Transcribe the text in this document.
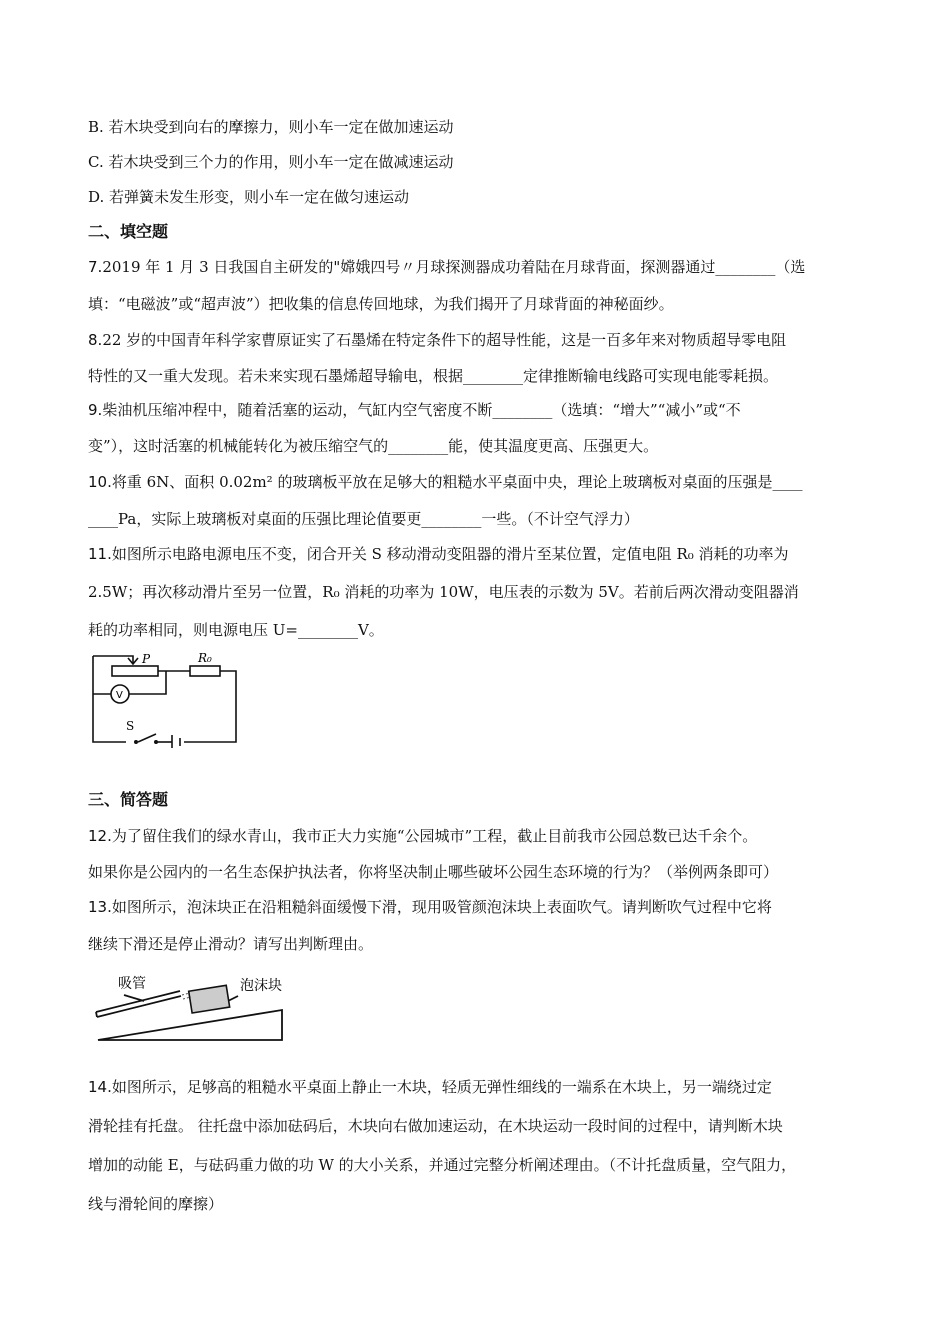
B. 若木块受到向右的摩擦力，则小车一定在做加速运动
C. 若木块受到三个力的作用，则小车一定在做减速运动
D. 若弹簧未发生形变，则小车一定在做匀速运动
二、填空题
7.2019 年 1 月 3 日我国自主研发的"嫦娥四号〃月球探测器成功着陆在月球背面，探测器通过________（选
填：“电磁波”或“超声波”）把收集的信息传回地球，为我们揭开了月球背面的神秘面纱。
8.22 岁的中国青年科学家曹原证实了石墨烯在特定条件下的超导性能，这是一百多年来对物质超导零电阻
特性的又一重大发现。若未来实现石墨烯超导输电，根据________定律推断输电线路可实现电能零耗损。
9.柴油机压缩冲程中，随着活塞的运动，气缸内空气密度不断________（选填：“增大”“减小”或“不
变”），这时活塞的机械能转化为被压缩空气的________能，使其温度更高、压强更大。
10.将重 6N、面积 0.02m² 的玻璃板平放在足够大的粗糙水平桌面中央，理论上玻璃板对桌面的压强是____
____Pa，实际上玻璃板对桌面的压强比理论值要更________一些。（不计空气浮力）
11.如图所示电路电源电压不变，闭合开关 S 移动滑动变阻器的滑片至某位置，定值电阻 R₀ 消耗的功率为
2.5W；再次移动滑片至另一位置，R₀ 消耗的功率为 10W，电压表的示数为 5V。若前后两次滑动变阻器消
耗的功率相同，则电源电压 U=________V。
P	R₀
V
S
三、简答题
12.为了留住我们的绿水青山，我市正大力实施“公园城市”工程，截止目前我市公园总数已达千余个。
如果你是公园内的一名生态保护执法者，你将坚决制止哪些破坏公园生态环境的行为？（举例两条即可）
13.如图所示，泡沫块正在沿粗糙斜面缓慢下滑，现用吸管颜泡沫块上表面吹气。请判断吹气过程中它将
继续下滑还是停止滑动？请写出判断理由。
吸管	泡沫块
14.如图所示，足够高的粗糙水平桌面上静止一木块，轻质无弹性细线的一端系在木块上，另一端绕过定
滑轮挂有托盘。 往托盘中添加砝码后，木块向右做加速运动，在木块运动一段时间的过程中，请判断木块
增加的动能 E，与砝码重力做的功 W 的大小关系，并通过完整分析阐述理由。（不计托盘质量，空气阻力，
线与滑轮间的摩擦）
